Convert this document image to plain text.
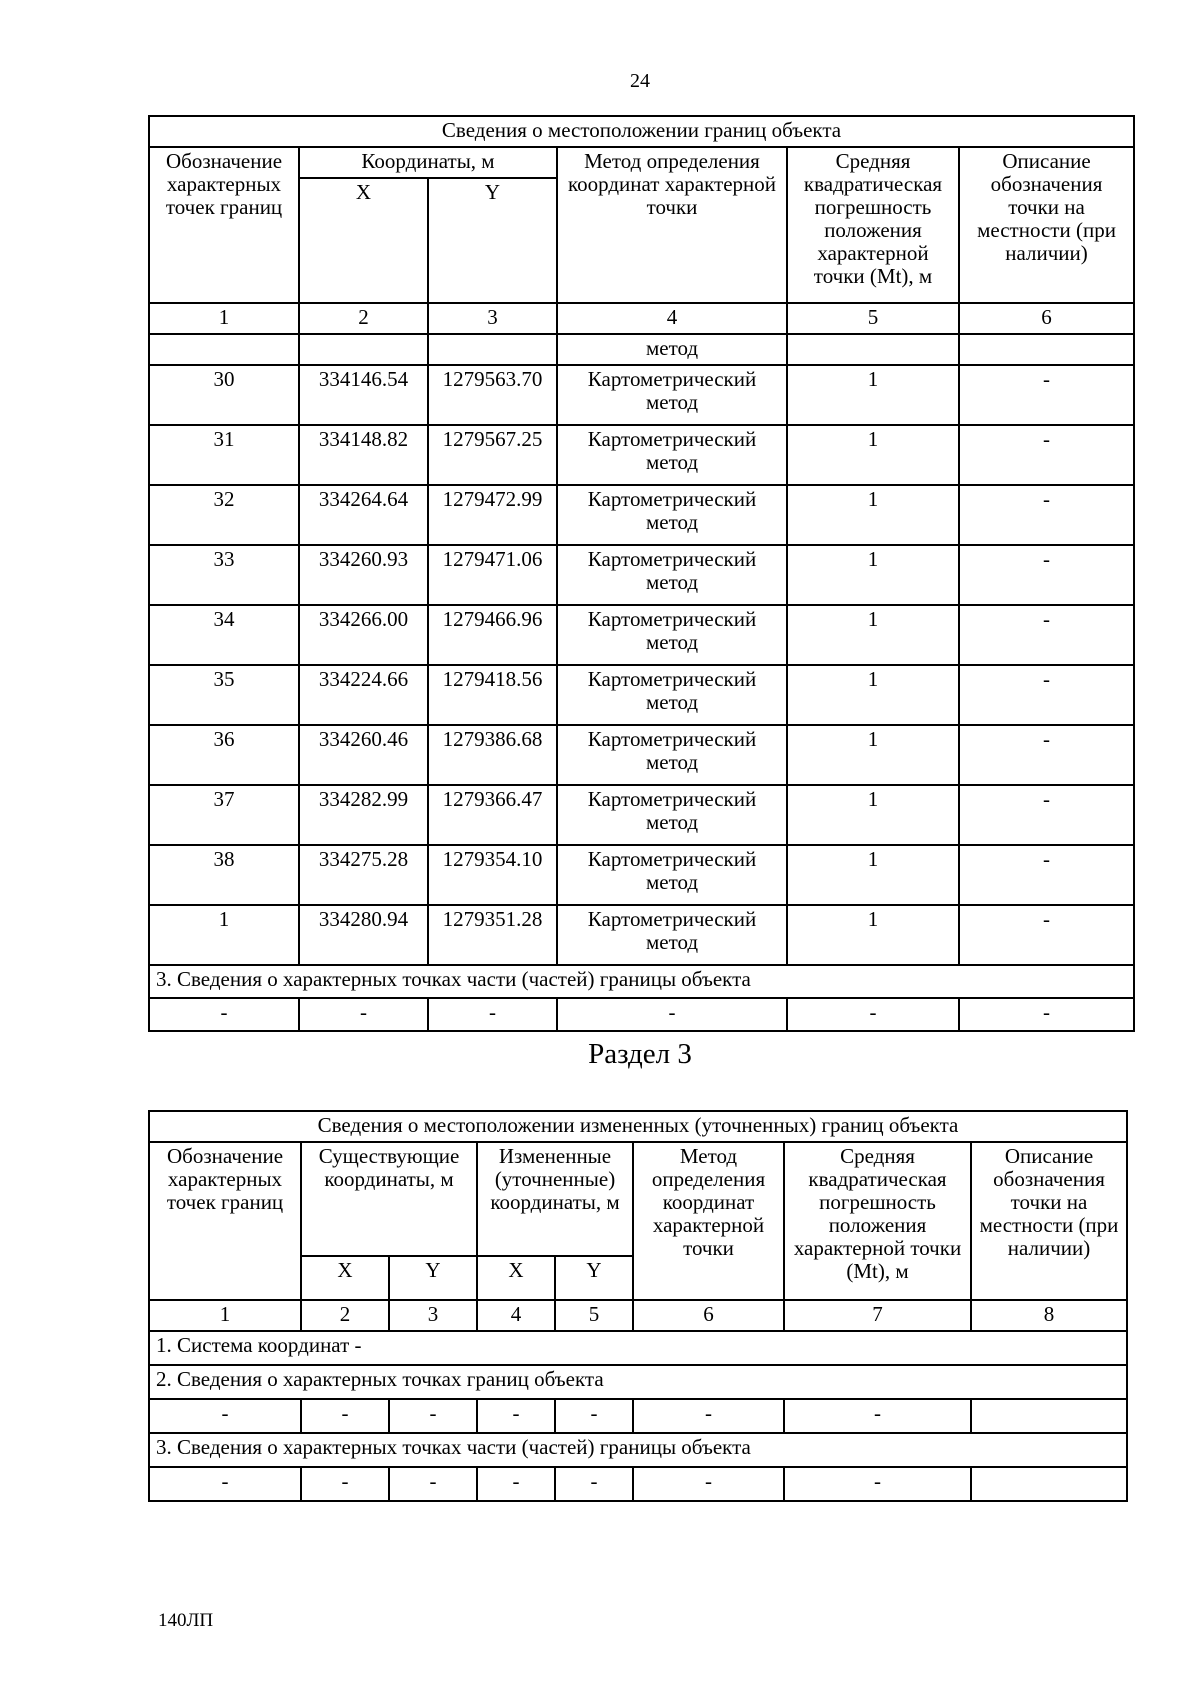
24
Сведения о местоположении границ объекта					
Обозначение характерных точек границ	Координаты, м		Метод определения координат характерной точки	Средняя квадратическая погрешность положения характерной точки (Mt), м	Описание обозначения точки на местности (при наличии)
	X	Y			
1	2	3	4	5	6
			метод		
30	334146.54	1279563.70	Картометрический метод	1	-
31	334148.82	1279567.25	Картометрический метод	1	-
32	334264.64	1279472.99	Картометрический метод	1	-
33	334260.93	1279471.06	Картометрический метод	1	-
34	334266.00	1279466.96	Картометрический метод	1	-
35	334224.66	1279418.56	Картометрический метод	1	-
36	334260.46	1279386.68	Картометрический метод	1	-
37	334282.99	1279366.47	Картометрический метод	1	-
38	334275.28	1279354.10	Картометрический метод	1	-
1	334280.94	1279351.28	Картометрический метод	1	-
3. Сведения о характерных точках части (частей) границы объекта					
-	-	-	-	-	-
Раздел 3
Сведения о местоположении измененных (уточненных) границ объекта							
Обозначение характерных точек границ	Существующие координаты, м		Измененные (уточненные) координаты, м		Метод определения координат характерной точки	Средняя квадратическая погрешность положения характерной точки (Mt), м	Описание обозначения точки на местности (при наличии)
	X	Y	X	Y			
1	2	3	4	5	6	7	8
1. Система координат -							
2. Сведения о характерных точках границ объекта							
-	-	-	-	-	-	-	
3. Сведения о характерных точках части (частей) границы объекта							
-	-	-	-	-	-	-	
140ЛП
